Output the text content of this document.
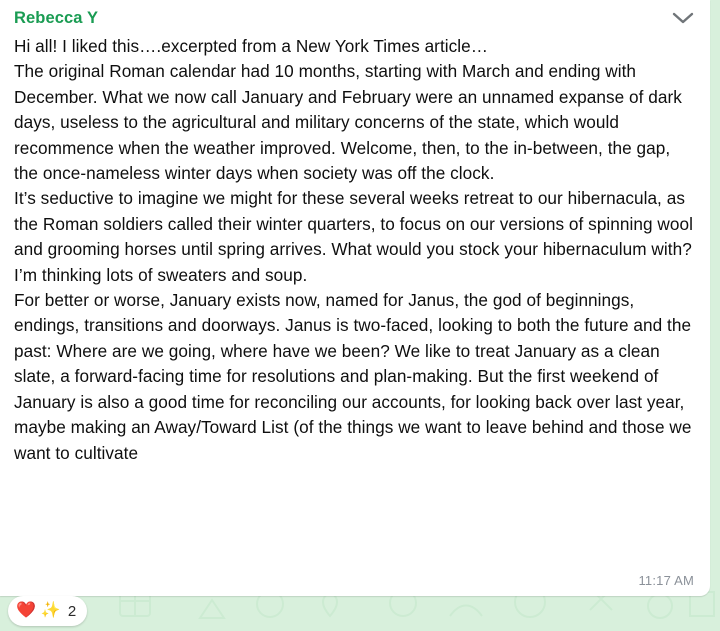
Rebecca Y

Hi all! I liked this….excerpted from a New York Times article…

The original Roman calendar had 10 months, starting with March and ending with December. What we now call January and February were an unnamed expanse of dark days, useless to the agricultural and military concerns of the state, which would recommence when the weather improved. Welcome, then, to the in-between, the gap, the once-nameless winter days when society was off the clock.

It’s seductive to imagine we might for these several weeks retreat to our hibernacula, as the Roman soldiers called their winter quarters, to focus on our versions of spinning wool and grooming horses until spring arrives. What would you stock your hibernaculum with? I’m thinking lots of sweaters and soup.

For better or worse, January exists now, named for Janus, the god of beginnings, endings, transitions and doorways. Janus is two-faced, looking to both the future and the past: Where are we going, where have we been? We like to treat January as a clean slate, a forward-facing time for resolutions and plan-making. But the first weekend of January is also a good time for reconciling our accounts, for looking back over last year, maybe making an Away/Toward List (of the things we want to leave behind and those we want to cultivate

11:17 AM
❤️ ✨ 2
